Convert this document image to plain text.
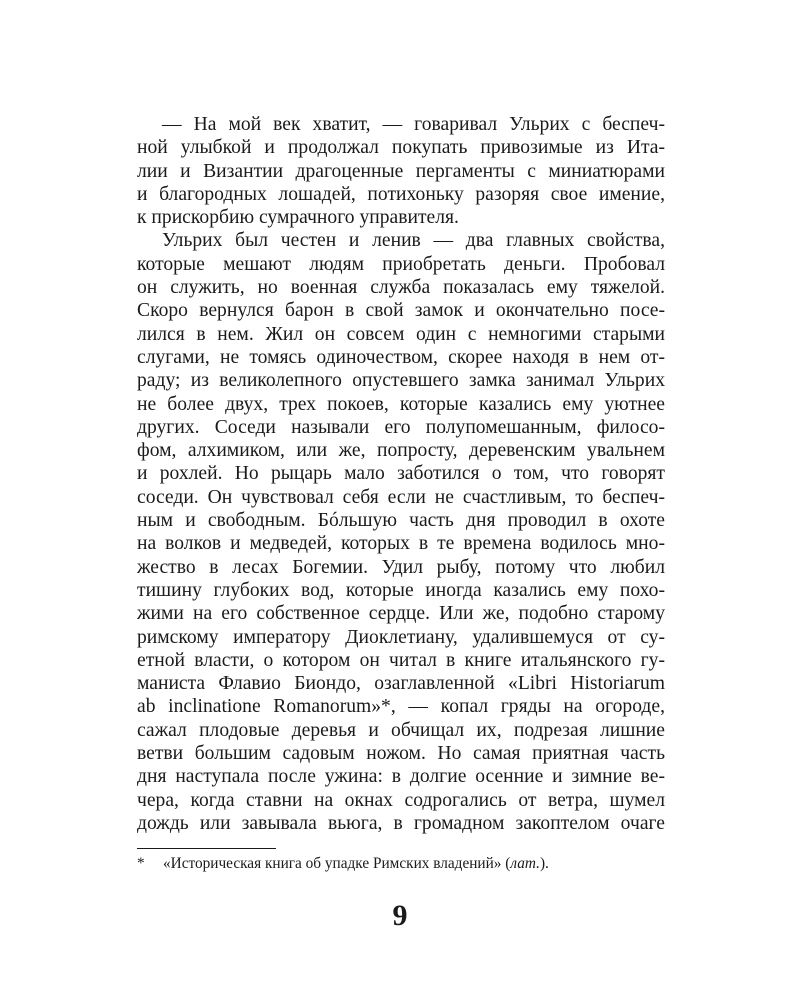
— На мой век хватит, — говаривал Ульрих с беспеч-
ной улыбкой и продолжал покупать привозимые из Ита-
лии и Византии драгоценные пергаменты с миниатюрами
и благородных лошадей, потихоньку разоряя свое имение,
к прискорбию сумрачного управителя.
Ульрих был честен и ленив — два главных свойства,
которые мешают людям приобретать деньги. Пробовал
он служить, но военная служба показалась ему тяжелой.
Скоро вернулся барон в свой замок и окончательно посе-
лился в нем. Жил он совсем один с немногими старыми
слугами, не томясь одиночеством, скорее находя в нем от-
раду; из великолепного опустевшего замка занимал Ульрих
не более двух, трех покоев, которые казались ему уютнее
других. Соседи называли его полупомешанным, филосо-
фом, алхимиком, или же, попросту, деревенским увальнем
и рохлей. Но рыцарь мало заботился о том, что говорят
соседи. Он чувствовал себя если не счастливым, то беспеч-
ным и свободным. Бóльшую часть дня проводил в охоте
на волков и медведей, которых в те времена водилось мно-
жество в лесах Богемии. Удил рыбу, потому что любил
тишину глубоких вод, которые иногда казались ему похо-
жими на его собственное сердце. Или же, подобно старому
римскому императору Диоклетиану, удалившемуся от су-
етной власти, о котором он читал в книге итальянского гу-
маниста Флавио Биондо, озаглавленной «Libri Historiarum
ab inclinatione Romanorum»*, — копал гряды на огороде,
сажал плодовые деревья и обчищал их, подрезая лишние
ветви большим садовым ножом. Но самая приятная часть
дня наступала после ужина: в долгие осенние и зимние ве-
чера, когда ставни на окнах содрогались от ветра, шумел
дождь или завывала вьюга, в громадном закоптелом очаге
* «Историческая книга об упадке Римских владений» (лат.).
9
